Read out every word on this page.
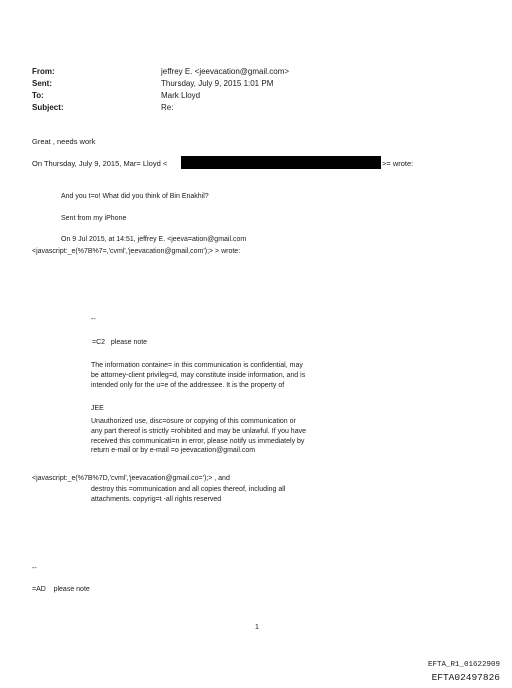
From:	jeffrey E. <jeevacation@gmail.com>
Sent:	Thursday, July 9, 2015 1:01 PM
To:	Mark Lloyd
Subject:	Re:
Great , needs work
On Thursday, July 9, 2015, Mar= Lloyd <	>= wrote:
And you t=o! What did you think of Bin Enakhil?
Sent from my iPhone
On 9 Jul 2015, at 14:51, jeffrey E. <jeeva=ation@gmail.com
<javascript:_e(%7B%7=,'cvml','jeevacation@gmail.com');> > wrote:
--
=C2   please note
The information containe= in this communication is confidential, may be attorney-client privileg=d, may constitute inside information, and is intended only for the u=e of the addressee. It is the property of
JEE
Unauthorized use, disc=osure or copying of this communication or any part thereof is strictly =rohibited and may be unlawful. If you have received this communicati=n in error, please notify us immediately by return e-mail or by e-mail =o jeevacation@gmail.com
<javascript:_e(%7B%7D,'cvml','jeevacation@gmail.co=');> , and
destroy this =ommunication and all copies thereof, including all attachments. copyrig=t -all rights reserved
--
=AD    please note
1
EFTA_R1_01622909
EFTA02497826
